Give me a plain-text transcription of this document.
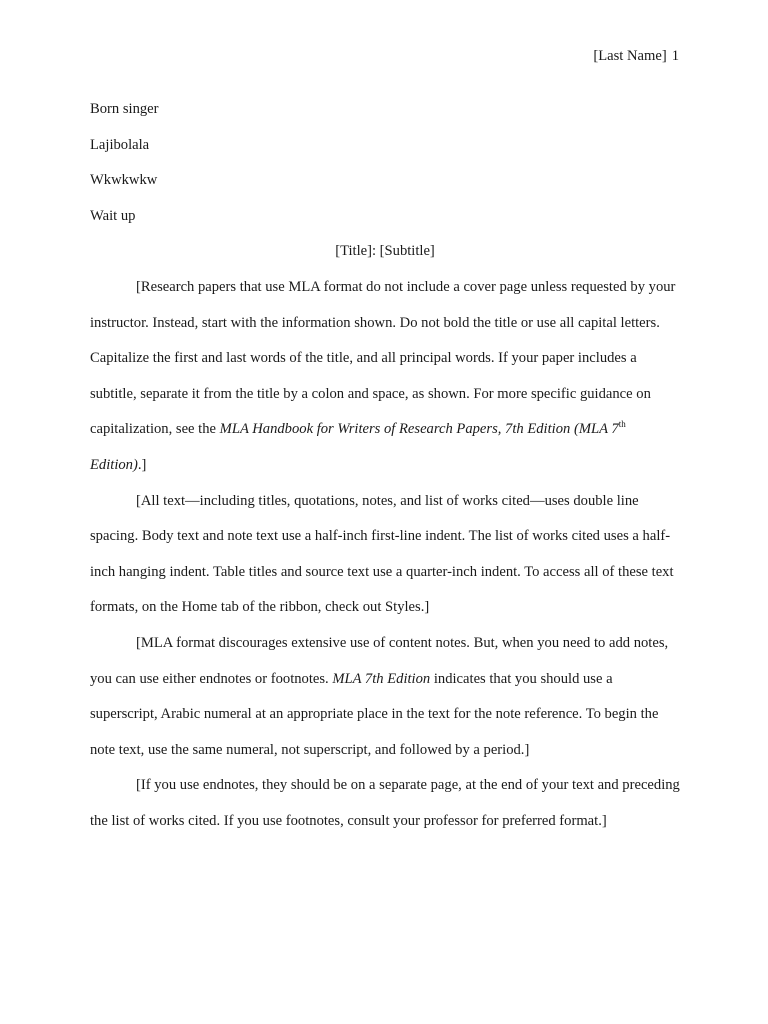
[Last Name] 1

Born singer

Lajibolala

Wkwkwkw

Wait up

[Title]: [Subtitle]

[Research papers that use MLA format do not include a cover page unless requested by your instructor. Instead, start with the information shown. Do not bold the title or use all capital letters. Capitalize the first and last words of the title, and all principal words. If your paper includes a subtitle, separate it from the title by a colon and space, as shown. For more specific guidance on capitalization, see the MLA Handbook for Writers of Research Papers, 7th Edition (MLA 7th Edition).]

[All text—including titles, quotations, notes, and list of works cited—uses double line spacing. Body text and note text use a half-inch first-line indent. The list of works cited uses a half-inch hanging indent. Table titles and source text use a quarter-inch indent. To access all of these text formats, on the Home tab of the ribbon, check out Styles.]

[MLA format discourages extensive use of content notes. But, when you need to add notes, you can use either endnotes or footnotes. MLA 7th Edition indicates that you should use a superscript, Arabic numeral at an appropriate place in the text for the note reference. To begin the note text, use the same numeral, not superscript, and followed by a period.]

[If you use endnotes, they should be on a separate page, at the end of your text and preceding the list of works cited. If you use footnotes, consult your professor for preferred format.]
